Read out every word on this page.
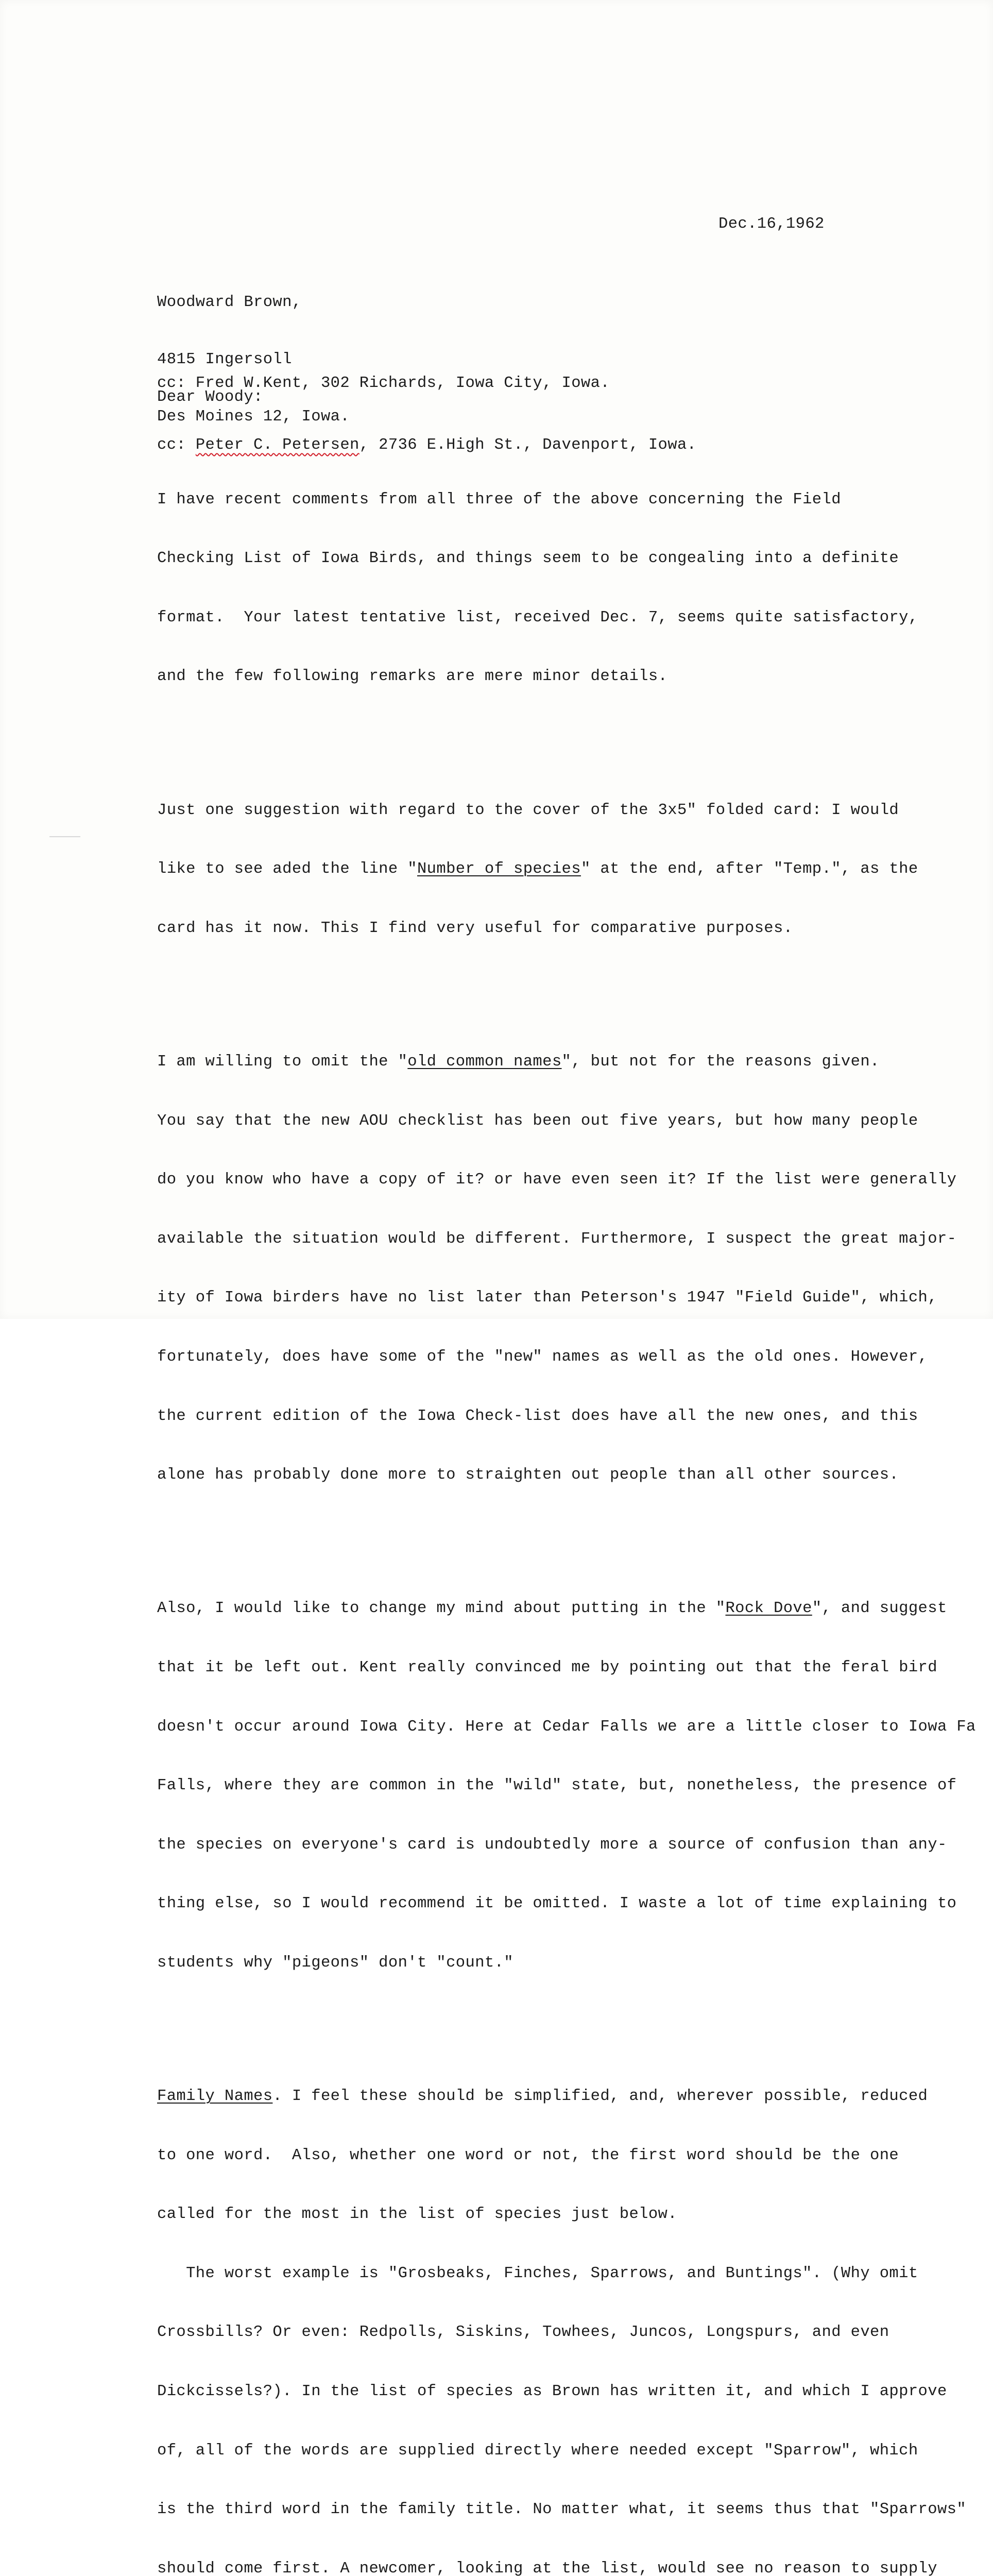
Dec.16,1962

Woodward Brown,

4815 Ingersoll

Des Moines 12, Iowa.

cc: Fred W.Kent, 302 Richards, Iowa City, Iowa.

cc: Peter C. Petersen, 2736 E.High St., Davenport, Iowa.

Dear Woody:

I have recent comments from all three of the above concerning the Field

Checking List of Iowa Birds, and things seem to be congealing into a definite

format.  Your latest tentative list, received Dec. 7, seems quite satisfactory,

and the few following remarks are mere minor details.

Just one suggestion with regard to the cover of the 3x5" folded card: I would

like to see aded the line "Number of species" at the end, after "Temp.", as the

card has it now. This I find very useful for comparative purposes.

I am willing to omit the "old common names", but not for the reasons given.

You say that the new AOU checklist has been out five years, but how many people

do you know who have a copy of it? or have even seen it? If the list were generally

available the situation would be different. Furthermore, I suspect the great major-

ity of Iowa birders have no list later than Peterson's 1947 "Field Guide", which,

fortunately, does have some of the "new" names as well as the old ones. However,

the current edition of the Iowa Check-list does have all the new ones, and this

alone has probably done more to straighten out people than all other sources.

Also, I would like to change my mind about putting in the "Rock Dove", and suggest

that it be left out. Kent really convinced me by pointing out that the feral bird

doesn't occur around Iowa City. Here at Cedar Falls we are a little closer to Iowa Fa

Falls, where they are common in the "wild" state, but, nonetheless, the presence of

the species on everyone's card is undoubtedly more a source of confusion than any-

thing else, so I would recommend it be omitted. I waste a lot of time explaining to

students why "pigeons" don't "count."

Family Names. I feel these should be simplified, and, wherever possible, reduced

to one word.  Also, whether one word or not, the first word should be the one

called for the most in the list of species just below.

The worst example is "Grosbeaks, Finches, Sparrows, and Buntings". (Why omit

Crossbills? Or even: Redpolls, Siskins, Towhees, Juncos, Longspurs, and even

Dickcissels?). In the list of species as Brown has written it, and which I approve

of, all of the words are supplied directly where needed except "Sparrow", which

is the third word in the family title. No matter what, it seems thus that "Sparrows"

should come first. A newcomer, looking at the list, would see no reason to supply
